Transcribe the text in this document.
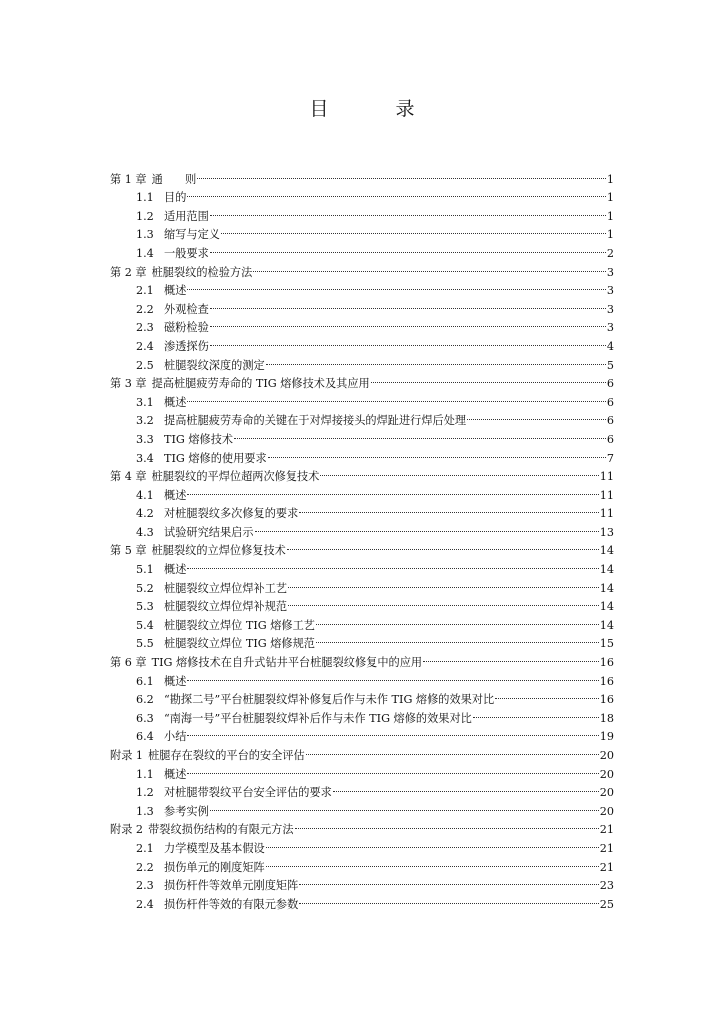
目　录
第 1 章 通　　则	1
1.1 目的	1
1.2 适用范围	1
1.3 缩写与定义	1
1.4 一般要求	2
第 2 章 桩腿裂纹的检验方法	3
2.1 概述	3
2.2 外观检查	3
2.3 磁粉检验	3
2.4 渗透探伤	4
2.5 桩腿裂纹深度的测定	5
第 3 章 提高桩腿疲劳寿命的 TIG 熔修技术及其应用	6
3.1 概述	6
3.2 提高桩腿疲劳寿命的关键在于对焊接接头的焊趾进行焊后处理	6
3.3 TIG 熔修技术	6
3.4 TIG 熔修的使用要求	7
第 4 章 桩腿裂纹的平焊位超两次修复技术	11
4.1 概述	11
4.2 对桩腿裂纹多次修复的要求	11
4.3 试验研究结果启示	13
第 5 章 桩腿裂纹的立焊位修复技术	14
5.1 概述	14
5.2 桩腿裂纹立焊位焊补工艺	14
5.3 桩腿裂纹立焊位焊补规范	14
5.4 桩腿裂纹立焊位 TIG 熔修工艺	14
5.5 桩腿裂纹立焊位 TIG 熔修规范	15
第 6 章 TIG 熔修技术在自升式钻井平台桩腿裂纹修复中的应用	16
6.1 概述	16
6.2 “勘探二号”平台桩腿裂纹焊补修复后作与未作 TIG 熔修的效果对比	16
6.3 “南海一号”平台桩腿裂纹焊补后作与未作 TIG 熔修的效果对比	18
6.4 小结	19
附录 1 桩腿存在裂纹的平台的安全评估	20
1.1 概述	20
1.2 对桩腿带裂纹平台安全评估的要求	20
1.3 参考实例	20
附录 2 带裂纹损伤结构的有限元方法	21
2.1 力学模型及基本假设	21
2.2 损伤单元的刚度矩阵	21
2.3 损伤杆件等效单元刚度矩阵	23
2.4 损伤杆件等效的有限元参数	25
